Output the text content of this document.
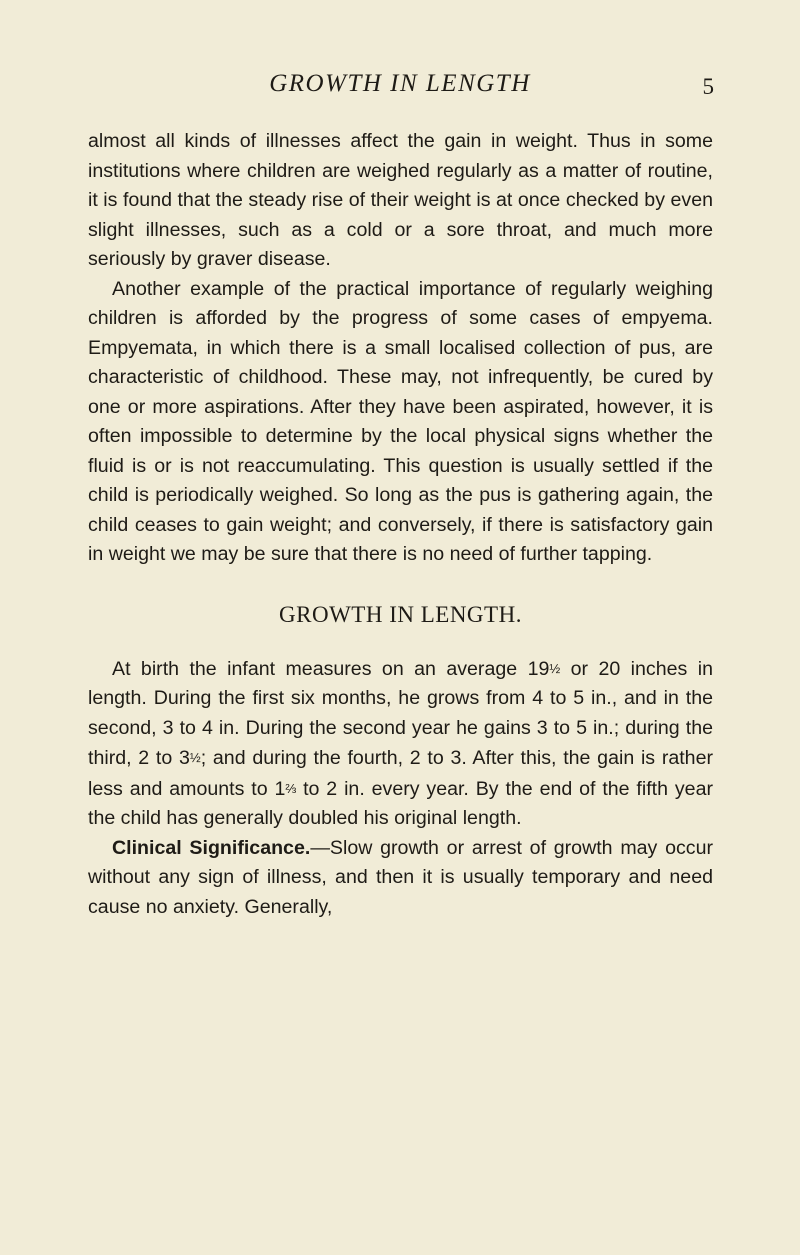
GROWTH IN LENGTH	5

almost all kinds of illnesses affect the gain in weight. Thus in some institutions where children are weighed regularly as a matter of routine, it is found that the steady rise of their weight is at once checked by even slight illnesses, such as a cold or a sore throat, and much more seriously by graver disease.

Another example of the practical importance of regularly weighing children is afforded by the progress of some cases of empyema. Empyemata, in which there is a small localised collection of pus, are characteristic of childhood. These may, not infrequently, be cured by one or more aspirations. After they have been aspirated, however, it is often impossible to determine by the local physical signs whether the fluid is or is not reaccumulating. This question is usually settled if the child is periodically weighed. So long as the pus is gathering again, the child ceases to gain weight; and conversely, if there is satisfactory gain in weight we may be sure that there is no need of further tapping.

GROWTH IN LENGTH.

At birth the infant measures on an average 19½ or 20 inches in length. During the first six months, he grows from 4 to 5 in., and in the second, 3 to 4 in. During the second year he gains 3 to 5 in.; during the third, 2 to 3½; and during the fourth, 2 to 3. After this, the gain is rather less and amounts to 1⅔ to 2 in. every year. By the end of the fifth year the child has generally doubled his original length.

Clinical Significance.—Slow growth or arrest of growth may occur without any sign of illness, and then it is usually temporary and need cause no anxiety. Generally,
